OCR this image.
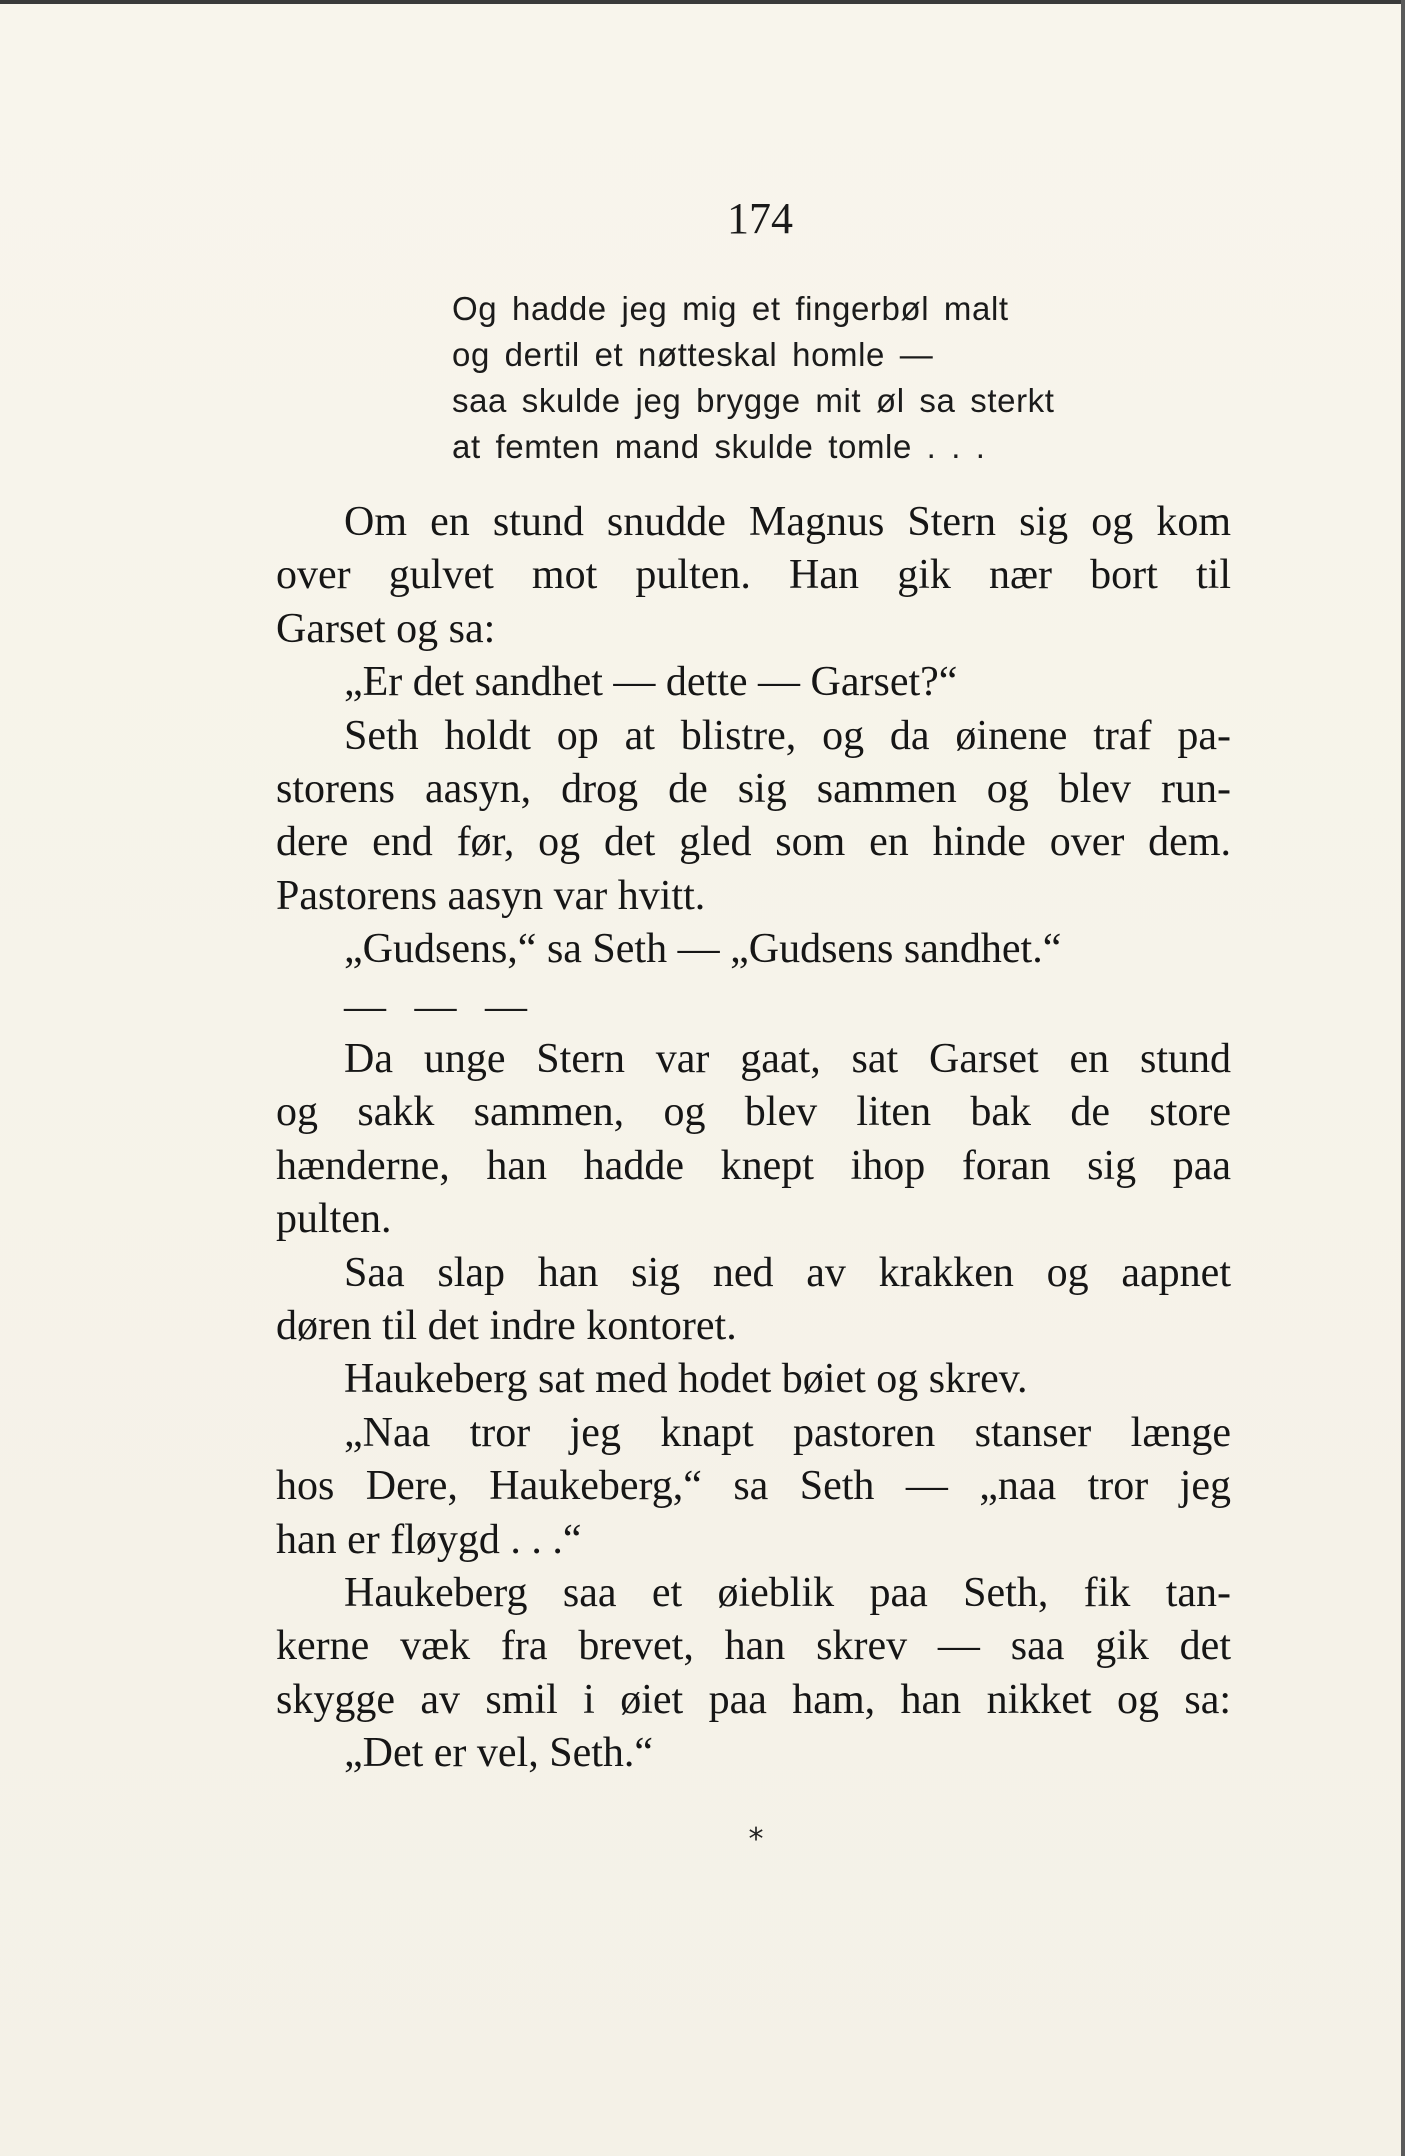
174
Og hadde jeg mig et fingerbøl malt
og dertil et nøtteskal homle —
saa skulde jeg brygge mit øl sa sterkt
at femten mand skulde tomle . . .
Om en stund snudde Magnus Stern sig og kom
over gulvet mot pulten. Han gik nær bort til
Garset og sa:
„Er det sandhet — dette — Garset?“
Seth holdt op at blistre, og da øinene traf pa-
storens aasyn, drog de sig sammen og blev run-
dere end før, og det gled som en hinde over dem.
Pastorens aasyn var hvitt.
„Gudsens,“ sa Seth — „Gudsens sandhet.“
— — —
Da unge Stern var gaat, sat Garset en stund
og sakk sammen, og blev liten bak de store
hænderne, han hadde knept ihop foran sig paa
pulten.
Saa slap han sig ned av krakken og aapnet
døren til det indre kontoret.
Haukeberg sat med hodet bøiet og skrev.
„Naa tror jeg knapt pastoren stanser længe
hos Dere, Haukeberg,“ sa Seth — „naa tror jeg
han er fløygd . . .“
Haukeberg saa et øieblik paa Seth, fik tan-
kerne væk fra brevet, han skrev — saa gik det
skygge av smil i øiet paa ham, han nikket og sa:
„Det er vel, Seth.“
*
